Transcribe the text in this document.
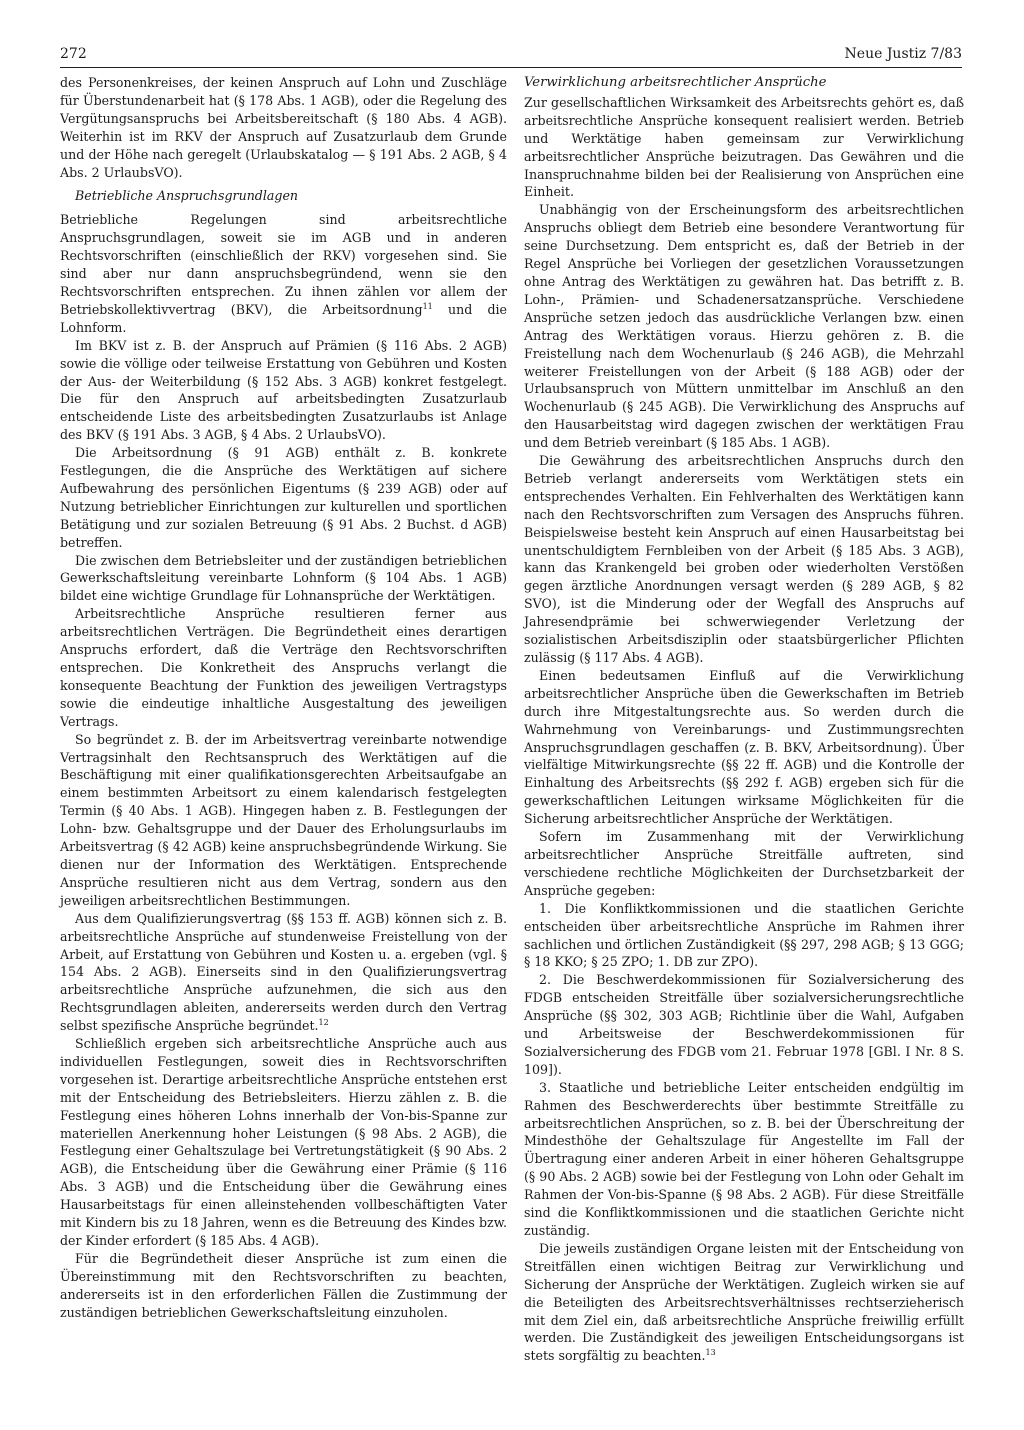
272	Neue Justiz 7/83

des Personenkreises, der keinen Anspruch auf Lohn und Zuschläge für Überstundenarbeit hat (§ 178 Abs. 1 AGB), oder die Regelung des Vergütungsanspruchs bei Arbeitsbereitschaft (§ 180 Abs. 4 AGB). Weiterhin ist im RKV der Anspruch auf Zusatzurlaub dem Grunde und der Höhe nach geregelt (Urlaubskatalog — § 191 Abs. 2 AGB, § 4 Abs. 2 UrlaubsVO).

Betriebliche Anspruchsgrundlagen

Betriebliche Regelungen sind arbeitsrechtliche Anspruchsgrundlagen, soweit sie im AGB und in anderen Rechtsvorschriften (einschließlich der RKV) vorgesehen sind. Sie sind aber nur dann anspruchsbegründend, wenn sie den Rechtsvorschriften entsprechen. Zu ihnen zählen vor allem der Betriebskollektivvertrag (BKV), die Arbeitsordnung$^{11}$ und die Lohnform.

Im BKV ist z. B. der Anspruch auf Prämien (§ 116 Abs. 2 AGB) sowie die völlige oder teilweise Erstattung von Gebühren und Kosten der Aus- der Weiterbildung (§ 152 Abs. 3 AGB) konkret festgelegt. Die für den Anspruch auf arbeitsbedingten Zusatzurlaub entscheidende Liste des arbeitsbedingten Zusatzurlaubs ist Anlage des BKV (§ 191 Abs. 3 AGB, § 4 Abs. 2 UrlaubsVO).

Die Arbeitsordnung (§ 91 AGB) enthält z. B. konkrete Festlegungen, die die Ansprüche des Werktätigen auf sichere Aufbewahrung des persönlichen Eigentums (§ 239 AGB) oder auf Nutzung betrieblicher Einrichtungen zur kulturellen und sportlichen Betätigung und zur sozialen Betreuung (§ 91 Abs. 2 Buchst. d AGB) betreffen.

Die zwischen dem Betriebsleiter und der zuständigen betrieblichen Gewerkschaftsleitung vereinbarte Lohnform (§ 104 Abs. 1 AGB) bildet eine wichtige Grundlage für Lohnansprüche der Werktätigen.

Arbeitsrechtliche Ansprüche resultieren ferner aus arbeitsrechtlichen Verträgen. Die Begründetheit eines derartigen Anspruchs erfordert, daß die Verträge den Rechtsvorschriften entsprechen. Die Konkretheit des Anspruchs verlangt die konsequente Beachtung der Funktion des jeweiligen Vertragstyps sowie die eindeutige inhaltliche Ausgestaltung des jeweiligen Vertrags.

So begründet z. B. der im Arbeitsvertrag vereinbarte notwendige Vertragsinhalt den Rechtsanspruch des Werktätigen auf die Beschäftigung mit einer qualifikationsgerechten Arbeitsaufgabe an einem bestimmten Arbeitsort zu einem kalendarisch festgelegten Termin (§ 40 Abs. 1 AGB). Hingegen haben z. B. Festlegungen der Lohn- bzw. Gehaltsgruppe und der Dauer des Erholungsurlaubs im Arbeitsvertrag (§ 42 AGB) keine anspruchsbegründende Wirkung. Sie dienen nur der Information des Werktätigen. Entsprechende Ansprüche resultieren nicht aus dem Vertrag, sondern aus den jeweiligen arbeitsrechtlichen Bestimmungen.

Aus dem Qualifizierungsvertrag (§§ 153 ff. AGB) können sich z. B. arbeitsrechtliche Ansprüche auf stundenweise Freistellung von der Arbeit, auf Erstattung von Gebühren und Kosten u. a. ergeben (vgl. § 154 Abs. 2 AGB). Einerseits sind in den Qualifizierungsvertrag arbeitsrechtliche Ansprüche aufzunehmen, die sich aus den Rechtsgrundlagen ableiten, andererseits werden durch den Vertrag selbst spezifische Ansprüche begründet.$^{12}$

Schließlich ergeben sich arbeitsrechtliche Ansprüche auch aus individuellen Festlegungen, soweit dies in Rechtsvorschriften vorgesehen ist. Derartige arbeitsrechtliche Ansprüche entstehen erst mit der Entscheidung des Betriebsleiters. Hierzu zählen z. B. die Festlegung eines höheren Lohns innerhalb der Von-bis-Spanne zur materiellen Anerkennung hoher Leistungen (§ 98 Abs. 2 AGB), die Festlegung einer Gehaltszulage bei Vertretungstätigkeit (§ 90 Abs. 2 AGB), die Entscheidung über die Gewährung einer Prämie (§ 116 Abs. 3 AGB) und die Entscheidung über die Gewährung eines Hausarbeitstags für einen alleinstehenden vollbeschäftigten Vater mit Kindern bis zu 18 Jahren, wenn es die Betreuung des Kindes bzw. der Kinder erfordert (§ 185 Abs. 4 AGB).

Für die Begründetheit dieser Ansprüche ist zum einen die Übereinstimmung mit den Rechtsvorschriften zu beachten, andererseits ist in den erforderlichen Fällen die Zustimmung der zuständigen betrieblichen Gewerkschaftsleitung einzuholen.

Verwirklichung arbeitsrechtlicher Ansprüche

Zur gesellschaftlichen Wirksamkeit des Arbeitsrechts gehört es, daß arbeitsrechtliche Ansprüche konsequent realisiert werden. Betrieb und Werktätige haben gemeinsam zur Verwirklichung arbeitsrechtlicher Ansprüche beizutragen. Das Gewähren und die Inanspruchnahme bilden bei der Realisierung von Ansprüchen eine Einheit.

Unabhängig von der Erscheinungsform des arbeitsrechtlichen Anspruchs obliegt dem Betrieb eine besondere Verantwortung für seine Durchsetzung. Dem entspricht es, daß der Betrieb in der Regel Ansprüche bei Vorliegen der gesetzlichen Voraussetzungen ohne Antrag des Werktätigen zu gewähren hat. Das betrifft z. B. Lohn-, Prämien- und Schadenersatzansprüche. Verschiedene Ansprüche setzen jedoch das ausdrückliche Verlangen bzw. einen Antrag des Werktätigen voraus. Hierzu gehören z. B. die Freistellung nach dem Wochenurlaub (§ 246 AGB), die Mehrzahl weiterer Freistellungen von der Arbeit (§ 188 AGB) oder der Urlaubsanspruch von Müttern unmittelbar im Anschluß an den Wochenurlaub (§ 245 AGB). Die Verwirklichung des Anspruchs auf den Hausarbeitstag wird dagegen zwischen der werktätigen Frau und dem Betrieb vereinbart (§ 185 Abs. 1 AGB).

Die Gewährung des arbeitsrechtlichen Anspruchs durch den Betrieb verlangt andererseits vom Werktätigen stets ein entsprechendes Verhalten. Ein Fehlverhalten des Werktätigen kann nach den Rechtsvorschriften zum Versagen des Anspruchs führen. Beispielsweise besteht kein Anspruch auf einen Hausarbeitstag bei unentschuldigtem Fernbleiben von der Arbeit (§ 185 Abs. 3 AGB), kann das Krankengeld bei groben oder wiederholten Verstößen gegen ärztliche Anordnungen versagt werden (§ 289 AGB, § 82 SVO), ist die Minderung oder der Wegfall des Anspruchs auf Jahresendprämie bei schwerwiegender Verletzung der sozialistischen Arbeitsdisziplin oder staatsbürgerlicher Pflichten zulässig (§ 117 Abs. 4 AGB).

Einen bedeutsamen Einfluß auf die Verwirklichung arbeitsrechtlicher Ansprüche üben die Gewerkschaften im Betrieb durch ihre Mitgestaltungsrechte aus. So werden durch die Wahrnehmung von Vereinbarungs- und Zustimmungsrechten Anspruchsgrundlagen geschaffen (z. B. BKV, Arbeitsordnung). Über vielfältige Mitwirkungsrechte (§§ 22 ff. AGB) und die Kontrolle der Einhaltung des Arbeitsrechts (§§ 292 f. AGB) ergeben sich für die gewerkschaftlichen Leitungen wirksame Möglichkeiten für die Sicherung arbeitsrechtlicher Ansprüche der Werktätigen.

Sofern im Zusammenhang mit der Verwirklichung arbeitsrechtlicher Ansprüche Streitfälle auftreten, sind verschiedene rechtliche Möglichkeiten der Durchsetzbarkeit der Ansprüche gegeben:

1. Die Konfliktkommissionen und die staatlichen Gerichte entscheiden über arbeitsrechtliche Ansprüche im Rahmen ihrer sachlichen und örtlichen Zuständigkeit (§§ 297, 298 AGB; § 13 GGG; § 18 KKO; § 25 ZPO; 1. DB zur ZPO).

2. Die Beschwerdekommissionen für Sozialversicherung des FDGB entscheiden Streitfälle über sozialversicherungsrechtliche Ansprüche (§§ 302, 303 AGB; Richtlinie über die Wahl, Aufgaben und Arbeitsweise der Beschwerdekommissionen für Sozialversicherung des FDGB vom 21. Februar 1978 [GBl. I Nr. 8 S. 109]).

3. Staatliche und betriebliche Leiter entscheiden endgültig im Rahmen des Beschwerderechts über bestimmte Streitfälle zu arbeitsrechtlichen Ansprüchen, so z. B. bei der Überschreitung der Mindesthöhe der Gehaltszulage für Angestellte im Fall der Übertragung einer anderen Arbeit in einer höheren Gehaltsgruppe (§ 90 Abs. 2 AGB) sowie bei der Festlegung von Lohn oder Gehalt im Rahmen der Von-bis-Spanne (§ 98 Abs. 2 AGB). Für diese Streitfälle sind die Konfliktkommissionen und die staatlichen Gerichte nicht zuständig.

Die jeweils zuständigen Organe leisten mit der Entscheidung von Streitfällen einen wichtigen Beitrag zur Verwirklichung und Sicherung der Ansprüche der Werktätigen. Zugleich wirken sie auf die Beteiligten des Arbeitsrechtsverhältnisses rechtserzieherisch mit dem Ziel ein, daß arbeitsrechtliche Ansprüche freiwillig erfüllt werden. Die Zuständigkeit des jeweiligen Entscheidungsorgans ist stets sorgfältig zu beachten.$^{13}$
